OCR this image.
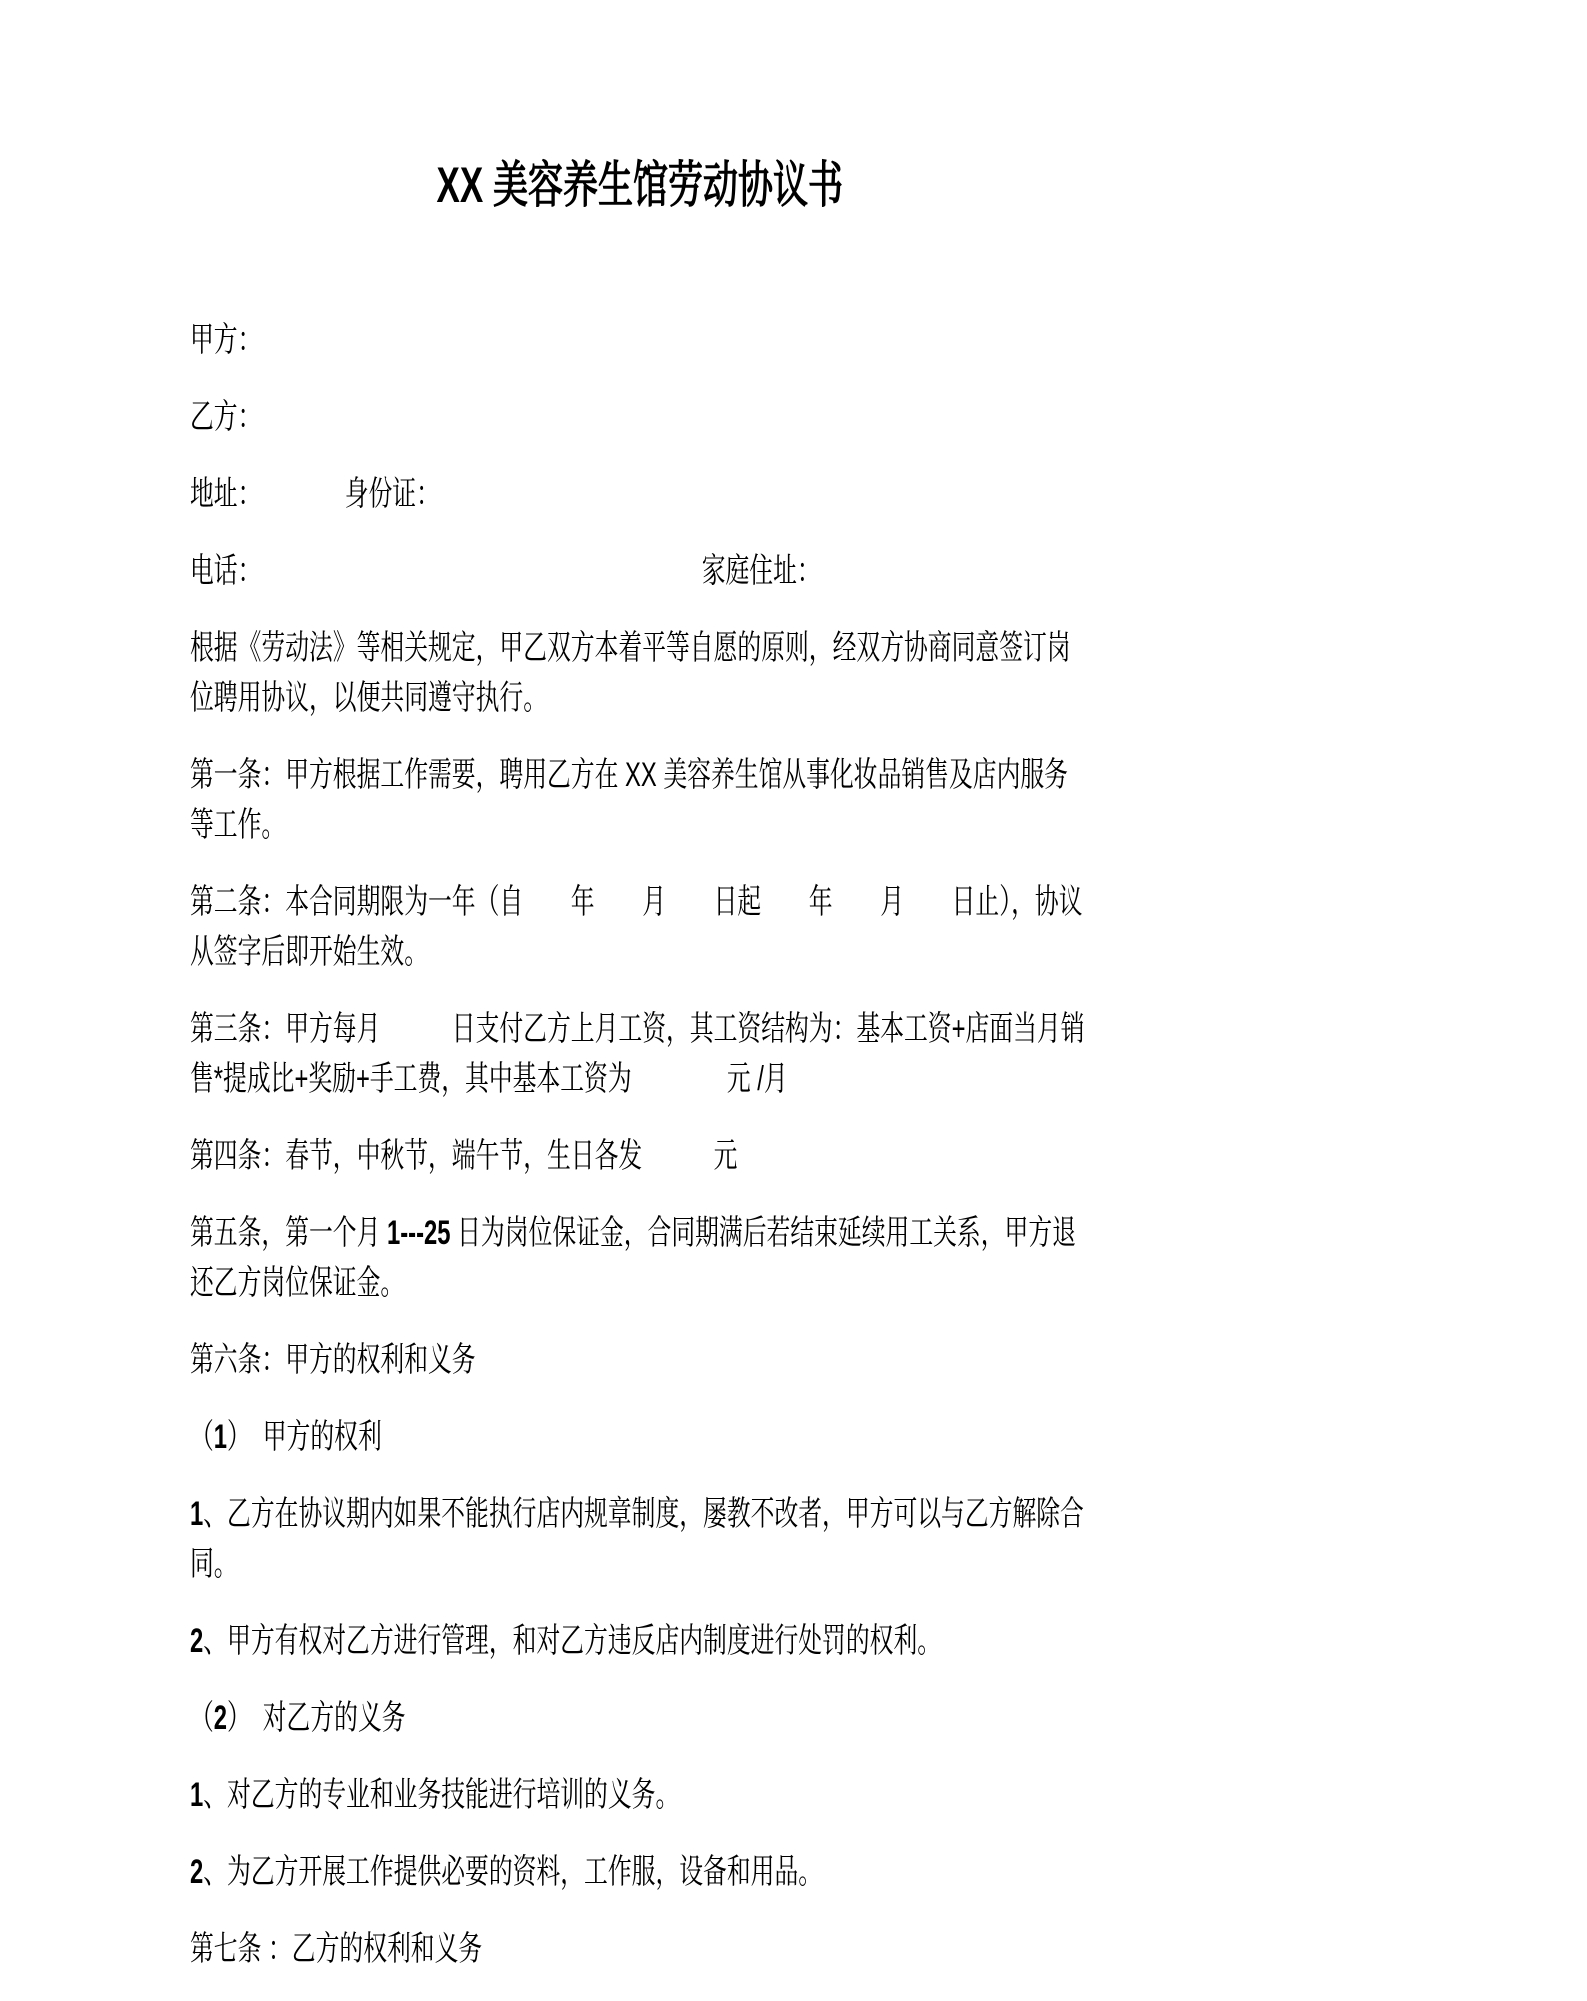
XX 美容养生馆劳动协议书

甲方：

乙方：

地址：　　　　身份证：

电话：　　　　　　　　　　　　　　　　　　　家庭住址：

根据《劳动法》等相关规定，甲乙双方本着平等自愿的原则，经双方协商同意签订岗位聘用协议，以便共同遵守执行。

第一条：甲方根据工作需要，聘用乙方在 XX 美容养生馆从事化妆品销售及店内服务等工作。

第二条：本合同期限为一年（自　　年　　月　　日起　　年　　月　　日止），协议从签字后即开始生效。

第三条：甲方每月　　　日支付乙方上月工资，其工资结构为：基本工资+店面当月销售*提成比+奖励+手工费，其中基本工资为　　　　元 /月

第四条：春节，中秋节，端午节，生日各发　　　元

第五条，第一个月 1---25 日为岗位保证金，合同期满后若结束延续用工关系，甲方退还乙方岗位保证金。

第六条：甲方的权利和义务

（1）　甲方的权利

1、乙方在协议期内如果不能执行店内规章制度，屡教不改者，甲方可以与乙方解除合同。

2、甲方有权对乙方进行管理，和对乙方违反店内制度进行处罚的权利。

（2）　对乙方的义务

1、对乙方的专业和业务技能进行培训的义务。

2、为乙方开展工作提供必要的资料，工作服，设备和用品。

第七条 ：乙方的权利和义务
